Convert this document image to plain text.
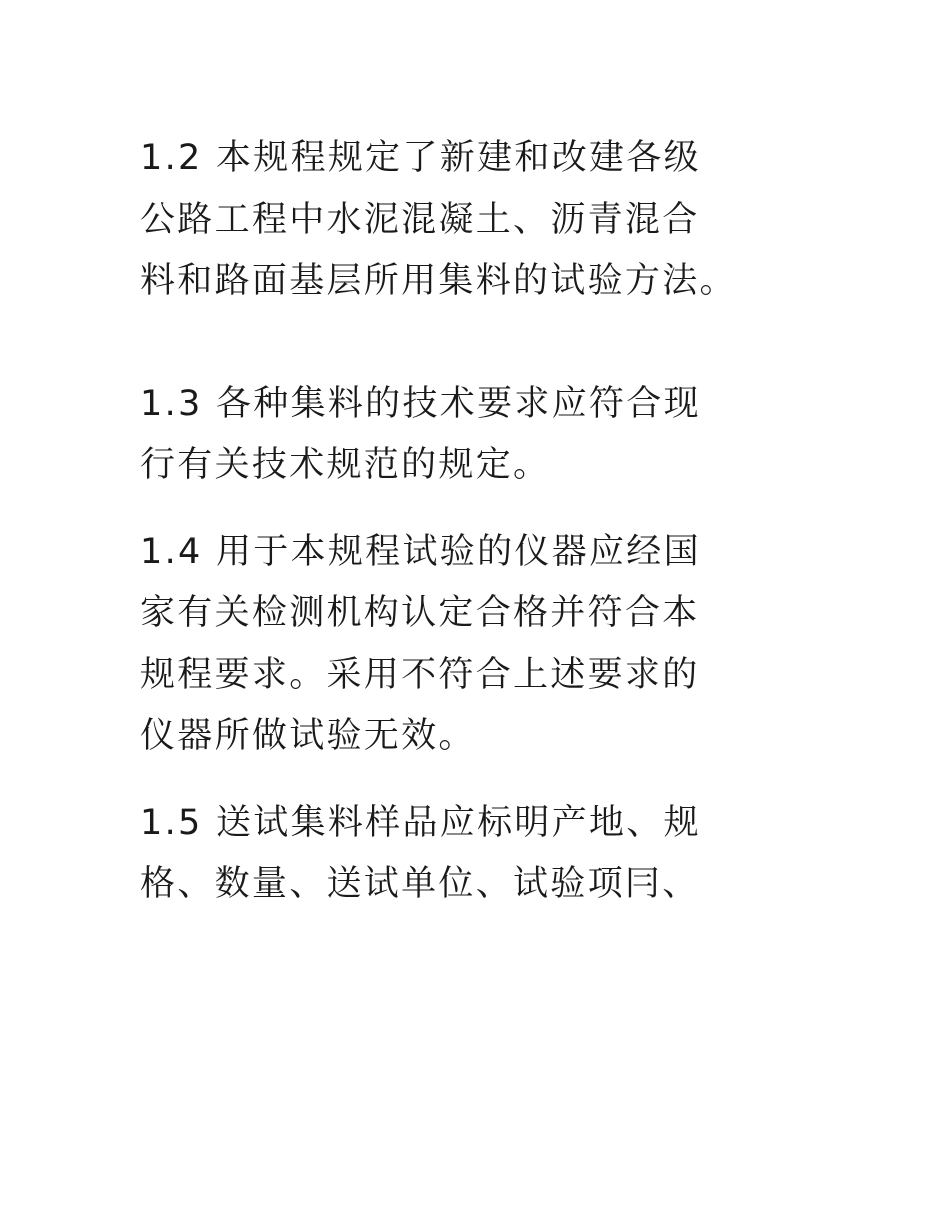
1.2 本规程规定了新建和改建各级
公路工程中水泥混凝土、沥青混合
料和路面基层所用集料的试验方法。

1.3 各种集料的技术要求应符合现
行有关技术规范的规定。

1.4 用于本规程试验的仪器应经国
家有关检测机构认定合格并符合本
规程要求。采用不符合上述要求的
仪器所做试验无效。

1.5 送试集料样品应标明产地、规
格、数量、送试单位、试验项冃、
